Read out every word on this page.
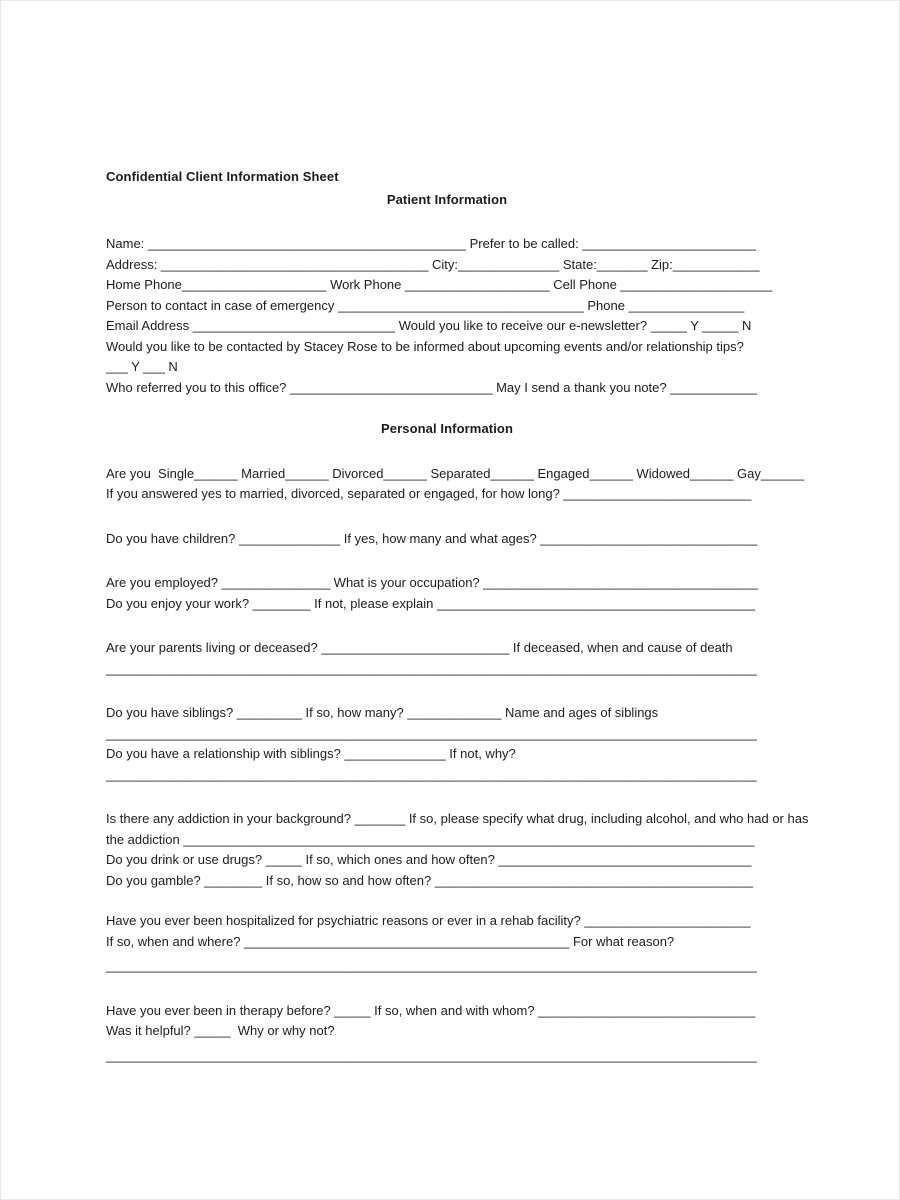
Confidential Client Information Sheet
Patient Information
Name: ____________________________________________ Prefer to be called: ________________________
Address: _____________________________________ City:______________ State:_______ Zip:____________
Home Phone____________________ Work Phone ____________________ Cell Phone _____________________
Person to contact in case of emergency __________________________________ Phone ________________
Email Address ____________________________ Would you like to receive our e-newsletter? _____ Y _____ N
Would you like to be contacted by Stacey Rose to be informed about upcoming events and/or relationship tips?
___ Y ___ N
Who referred you to this office? ____________________________ May I send a thank you note? ____________
Personal Information
Are you  Single______ Married______ Divorced______ Separated______ Engaged______ Widowed______ Gay______
If you answered yes to married, divorced, separated or engaged, for how long? __________________________
Do you have children? ______________ If yes, how many and what ages? ______________________________
Are you employed? _______________ What is your occupation? ______________________________________
Do you enjoy your work? ________ If not, please explain ____________________________________________
Are your parents living or deceased? __________________________ If deceased, when and cause of death
__________________________________________________________________________________________
Do you have siblings? _________ If so, how many? _____________ Name and ages of siblings
__________________________________________________________________________________________
Do you have a relationship with siblings? ______________ If not, why?
__________________________________________________________________________________________
Is there any addiction in your background? _______ If so, please specify what drug, including alcohol, and who had or has
the addiction _______________________________________________________________________________
Do you drink or use drugs? _____ If so, which ones and how often? ___________________________________
Do you gamble? ________ If so, how so and how often? ____________________________________________
Have you ever been hospitalized for psychiatric reasons or ever in a rehab facility? _______________________
If so, when and where? _____________________________________________ For what reason?
__________________________________________________________________________________________
Have you ever been in therapy before? _____ If so, when and with whom? ______________________________
Was it helpful? _____  Why or why not?
__________________________________________________________________________________________
